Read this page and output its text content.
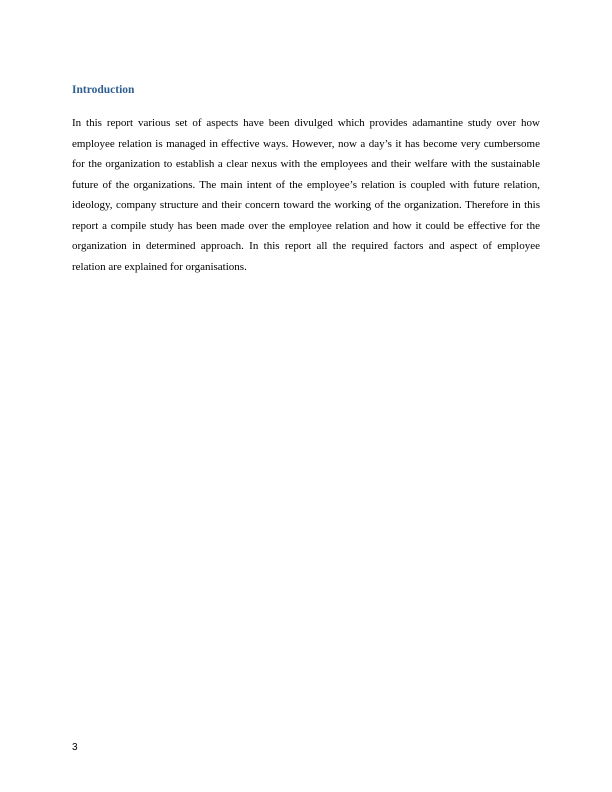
Introduction

In this report various set of aspects have been divulged which provides adamantine study over how employee relation is managed in effective ways. However, now a day’s it has become very cumbersome for the organization to establish a clear nexus with the employees and their welfare with the sustainable future of the organizations. The main intent of the employee’s relation is coupled with future relation, ideology, company structure and their concern toward the working of the organization. Therefore in this report a compile study has been made over the employee relation and how it could be effective for the organization in determined approach. In this report all the required factors and aspect of employee relation are explained for organisations.

3
